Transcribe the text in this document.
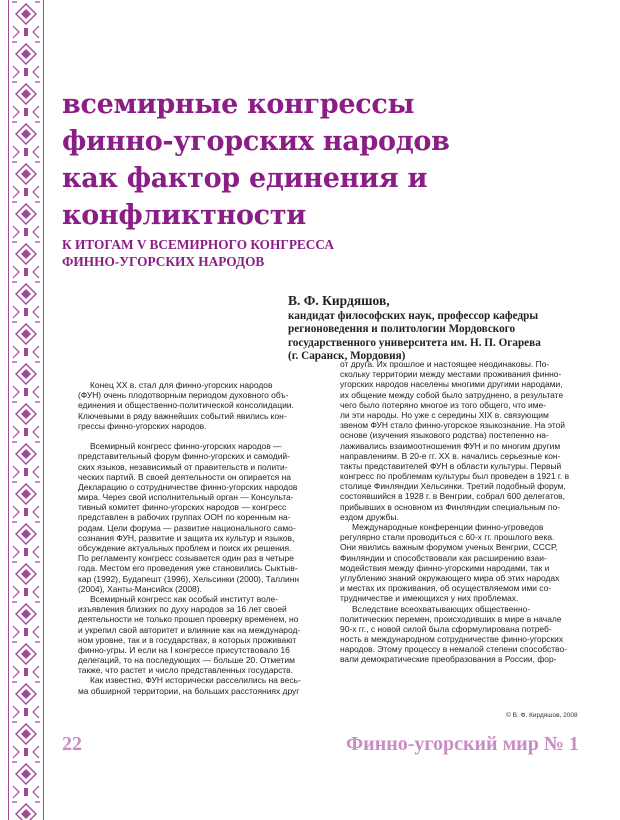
всемирные конгрессы
финно-угорских народов
как фактор единения и
конфликтности
К ИТОГАМ V ВСЕМИРНОГО КОНГРЕССА
ФИННО-УГОРСКИХ НАРОДОВ
В. Ф. Кирдяшов,
кандидат философских наук, профессор кафедры
регионоведения и политологии Мордовского
государственного университета им. Н. П. Огарева
(г. Саранск, Мордовия)
Конец XX в. стал для финно-угорских народов
(ФУН) очень плодотворным периодом духовного объ-
единения и общественно-политической консолидации.
Ключевыми в ряду важнейших событий явились кон-
грессы финно-угорских народов.
Всемирный конгресс финно-угорских народов —
представительный форум финно-угорских и самодий-
ских языков, независимый от правительств и полити-
ческих партий. В своей деятельности он опирается на
Декларацию о сотрудничестве финно-угорских народов
мира. Через свой исполнительный орган — Консульта-
тивный комитет финно-угорских народов — конгресс
представлен в рабочих группах ООН по коренным на-
родам. Цели форума — развитие национального само-
сознания ФУН, развитие и защита их культур и языков,
обсуждение актуальных проблем и поиск их решения.
По регламенту конгресс созывается один раз в четыре
года. Местом его проведения уже становились Сыктыв-
кар (1992), Будапешт (1996), Хельсинки (2000), Таллинн
(2004), Ханты-Мансийск (2008).
Всемирный конгресс как особый институт воле-
изъявления близких по духу народов за 16 лет своей
деятельности не только прошел проверку временем, но
и укрепил свой авторитет и влияние как на международ-
ном уровне, так и в государствах, в которых проживают
финно-угры. И если на I конгрессе присутствовало 16
делегаций, то на последующих — больше 20. Отметим
также, что растет и число представленных государств.
Как известно, ФУН исторически расселились на весь-
ма обширной территории, на больших расстояниях друг
от друга. Их прошлое и настоящее неодинаковы. По-
скольку территории между местами проживания финно-
угорских народов населены многими другими народами,
их общение между собой было затруднено, в результате
чего было потеряно многое из того общего, что име-
ли эти народы. Но уже с середины XIX в. связующим
звеном ФУН стало финно-угорское языкознание. На этой
основе (изучения языкового родства) постепенно на-
лаживались взаимоотношения ФУН и по многим другим
направлениям. В 20-е гг. XX в. начались серьезные кон-
такты представителей ФУН в области культуры. Первый
конгресс по проблемам культуры был проведен в 1921 г. в
столице Финляндии Хельсинки. Третий подобный форум,
состоявшийся в 1928 г. в Венгрии, собрал 600 делегатов,
прибывших в основном из Финляндии специальным по-
ездом дружбы.
Международные конференции финно-угроведов
регулярно стали проводиться с 60-х гг. прошлого века.
Они явились важным форумом ученых Венгрии, СССР,
Финляндии и способствовали как расширению взаи-
модействия между финно-угорскими народами, так и
углублению знаний окружающего мира об этих народах
и местах их проживания, об осуществляемом ими со-
трудничестве и имеющихся у них проблемах.
Вследствие всеохватывающих общественно-
политических перемен, происходивших в мире в начале
90-х гг., с новой силой была сформулирована потреб-
ность в международном сотрудничестве финно-угорских
народов. Этому процессу в немалой степени способство-
вали демократические преобразования в России, фор-
© В. Ф. Кирдяшов, 2008
22	Финно-угорский мир № 1
